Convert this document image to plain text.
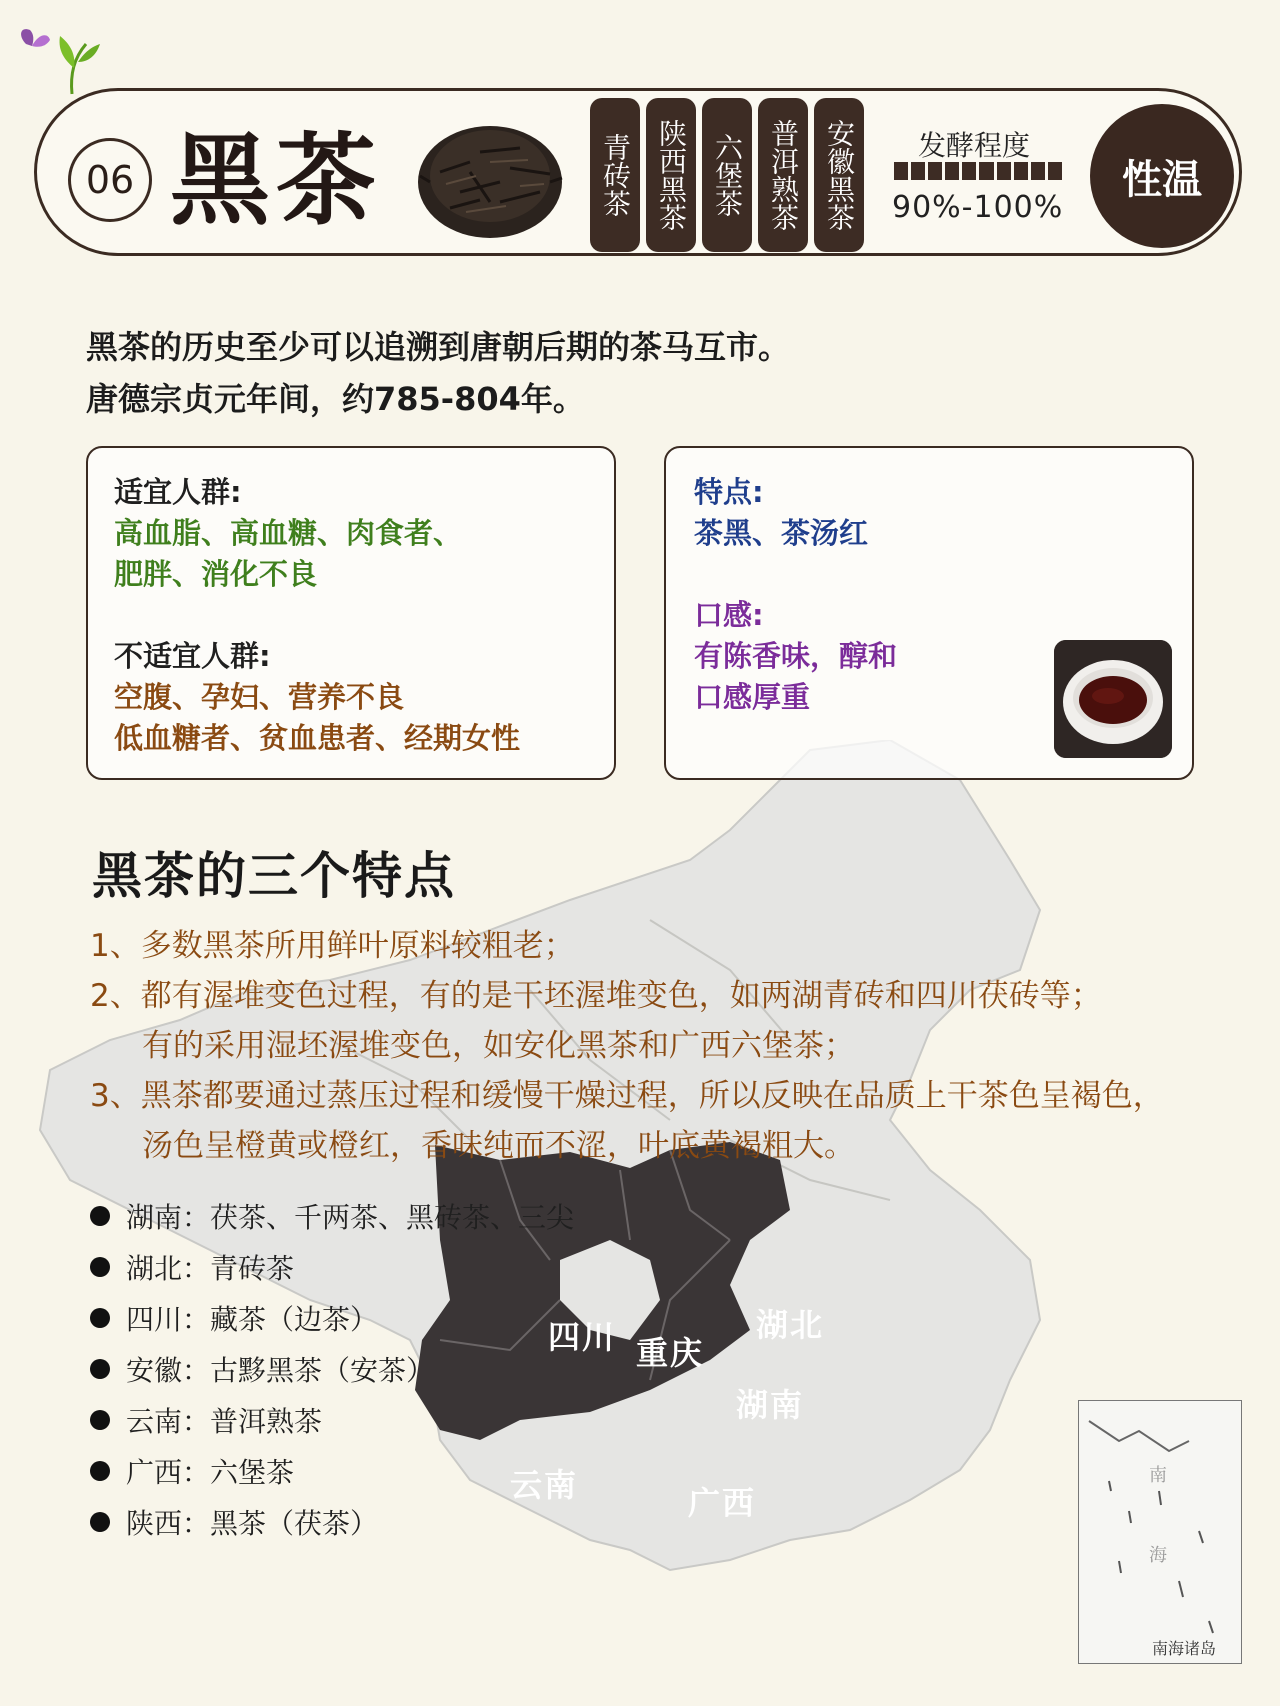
南
海
南海诸岛
06 黑茶	青砖茶 陕西黑茶 六堡茶 普洱熟茶 安徽黑茶 发酵程度
90%-100%
性温
黑茶的历史至少可以追溯到唐朝后期的茶马互市。
唐德宗贞元年间，约785-804年。
适宜人群:
高血脂、高血糖、肉食者、
肥胖、消化不良
不适宜人群:
空腹、孕妇、营养不良
低血糖者、贫血患者、经期女性
特点:
茶黑、茶汤红
口感:
有陈香味，醇和
口感厚重
黑茶的三个特点
1、多数黑茶所用鲜叶原料较粗老；
2、都有渥堆变色过程，有的是干坯渥堆变色，如两湖青砖和四川茯砖等；
有的采用湿坯渥堆变色，如安化黑茶和广西六堡茶；
3、黑茶都要通过蒸压过程和缓慢干燥过程，所以反映在品质上干茶色呈褐色，
汤色呈橙黄或橙红，香味纯而不涩，叶底黄褐粗大。
湖南：茯茶、千两茶、黑砖茶、三尖
湖北：青砖茶
四川：藏茶（边茶）
安徽：古黟黑茶（安茶）
云南：普洱熟茶
广西：六堡茶
陕西：黑茶（茯茶）
四川 重庆
湖北
湖南
云南	广西
